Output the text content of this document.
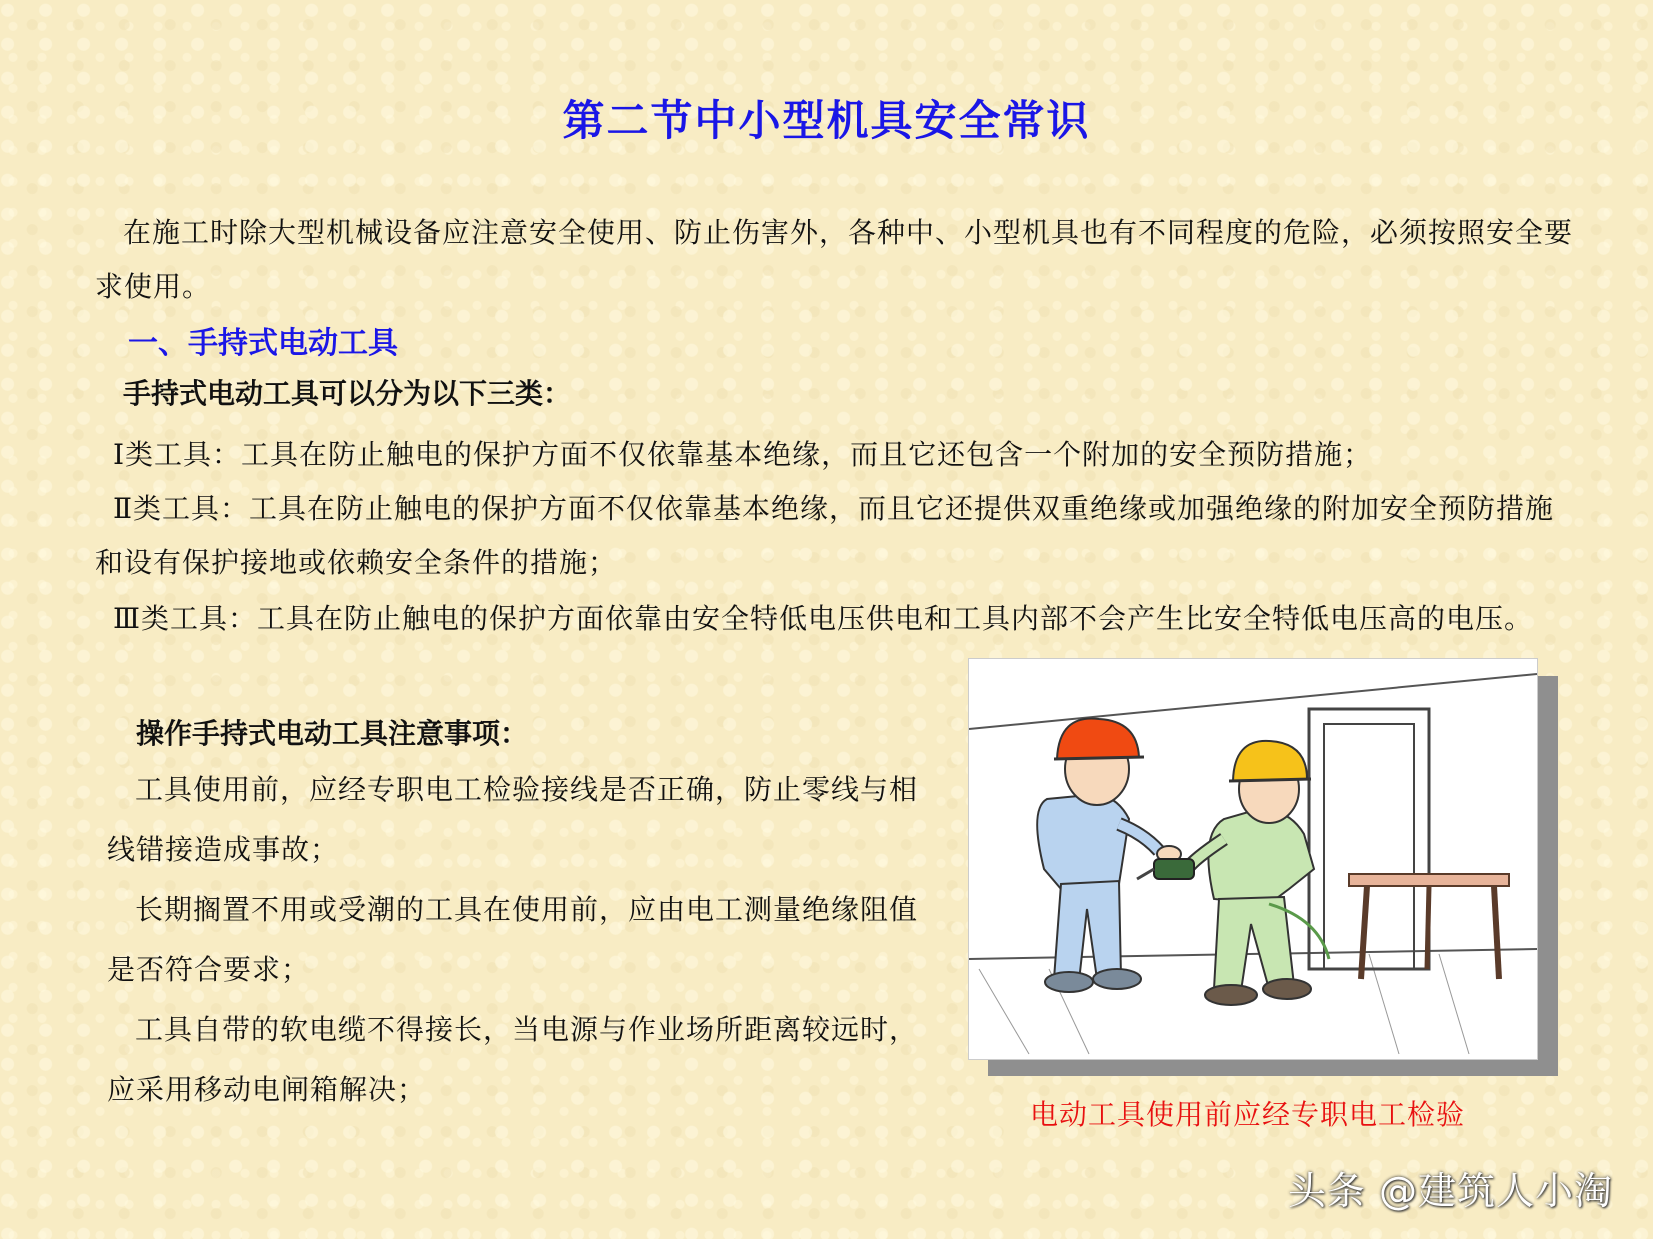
第二节中小型机具安全常识

在施工时除大型机械设备应注意安全使用、防止伤害外，各种中、小型机具也有不同程度的危险，必须按照安全要求使用。

一、手持式电动工具
手持式电动工具可以分为以下三类：

Ⅰ类工具：工具在防止触电的保护方面不仅依靠基本绝缘，而且它还包含一个附加的安全预防措施；

Ⅱ类工具：工具在防止触电的保护方面不仅依靠基本绝缘，而且它还提供双重绝缘或加强绝缘的附加安全预防措施和设有保护接地或依赖安全条件的措施；

Ⅲ类工具：工具在防止触电的保护方面依靠由安全特低电压供电和工具内部不会产生比安全特低电压高的电压。

操作手持式电动工具注意事项：

工具使用前，应经专职电工检验接线是否正确，防止零线与相线错接造成事故；

长期搁置不用或受潮的工具在使用前，应由电工测量绝缘阻值是否符合要求；

工具自带的软电缆不得接长，当电源与作业场所距离较远时，应采用移动电闸箱解决；

电动工具使用前应经专职电工检验
头条 @建筑人小淘
